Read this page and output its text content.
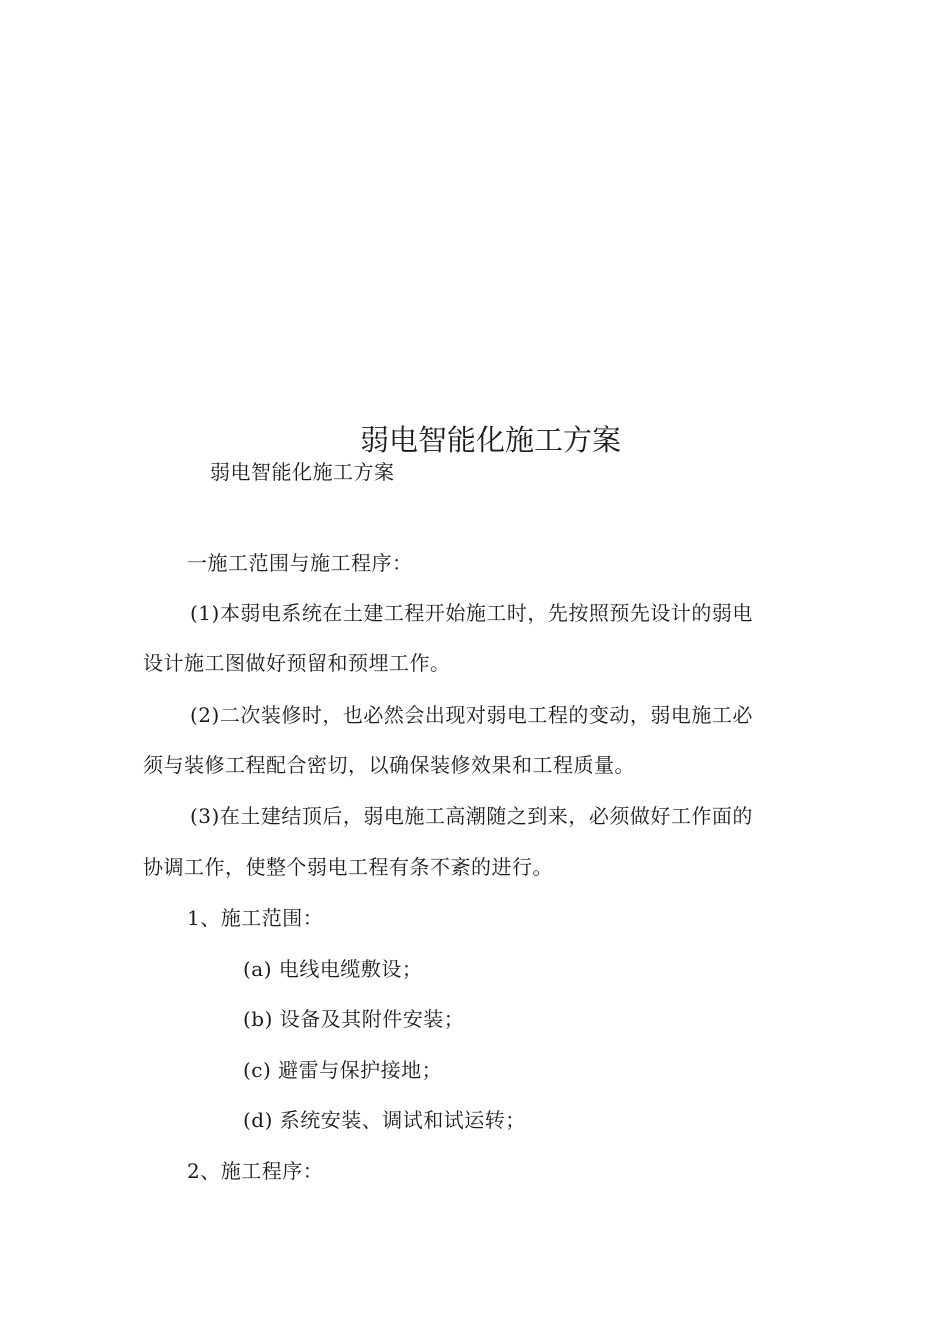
弱电智能化施工方案
弱电智能化施工方案
一施工范围与施工程序：
(1)本弱电系统在土建工程开始施工时，先按照预先设计的弱电
设计施工图做好预留和预埋工作。
(2)二次装修时，也必然会出现对弱电工程的变动，弱电施工必
须与装修工程配合密切，以确保装修效果和工程质量。
(3)在土建结顶后，弱电施工高潮随之到来，必须做好工作面的
协调工作，使整个弱电工程有条不紊的进行。
1、施工范围：
(a) 电线电缆敷设；
(b) 设备及其附件安装；
(c) 避雷与保护接地；
(d) 系统安装、调试和试运转；
2、施工程序：
